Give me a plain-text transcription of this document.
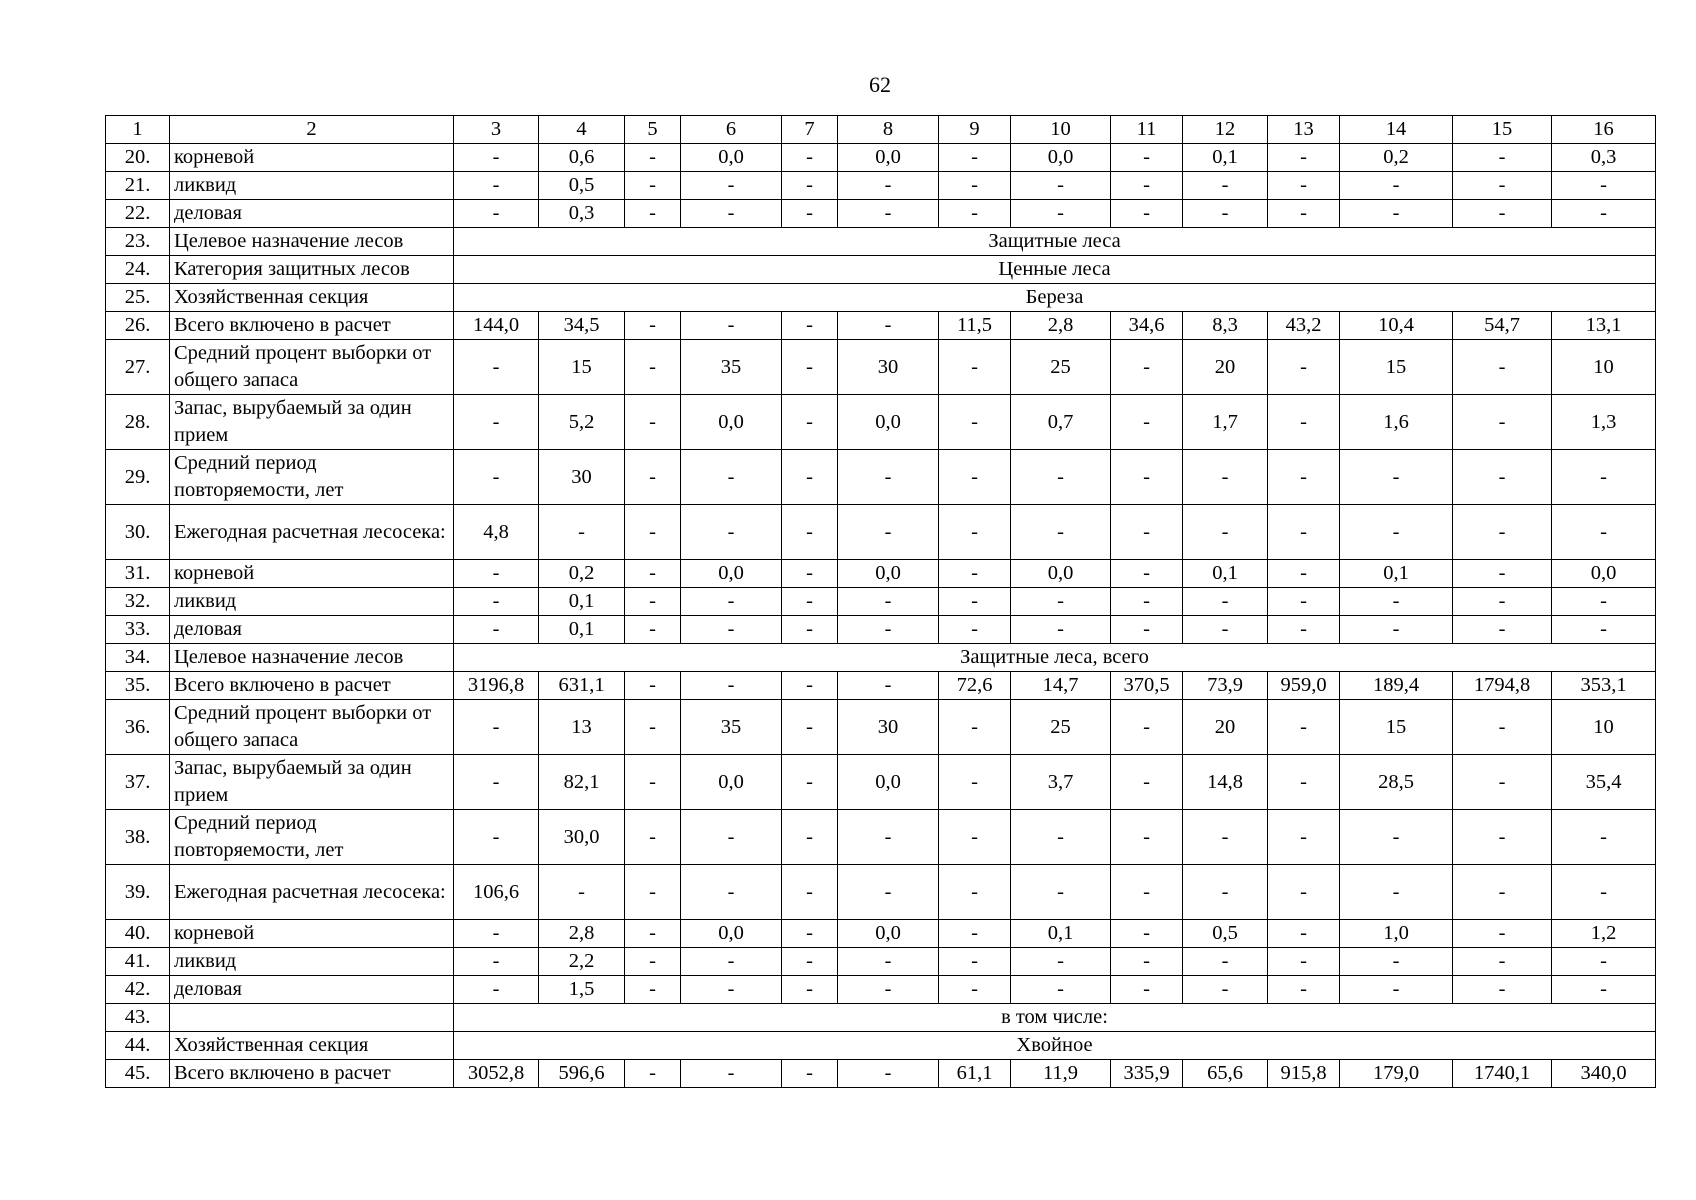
62
1	2	3	4	5	6	7	8	9	10	11	12	13	14	15	16
20.	корневой	-	0,6	-	0,0	-	0,0	-	0,0	-	0,1	-	0,2	-	0,3
21.	ликвид	-	0,5	-	-	-	-	-	-	-	-	-	-	-	-
22.	деловая	-	0,3	-	-	-	-	-	-	-	-	-	-	-	-
23.	Целевое назначение лесов	Защитные леса													
24.	Категория защитных лесов	Ценные леса													
25.	Хозяйственная секция	Береза													
26.	Всего включено в расчет	144,0	34,5	-	-	-	-	11,5	2,8	34,6	8,3	43,2	10,4	54,7	13,1
27.	Средний процент выборки от общего запаса	-	15	-	35	-	30	-	25	-	20	-	15	-	10
28.	Запас, вырубаемый за один прием	-	5,2	-	0,0	-	0,0	-	0,7	-	1,7	-	1,6	-	1,3
29.	Средний период повторяемости, лет	-	30	-	-	-	-	-	-	-	-	-	-	-	-
30.	Ежегодная расчетная лесосека:	4,8	-	-	-	-	-	-	-	-	-	-	-	-	-
31.	корневой	-	0,2	-	0,0	-	0,0	-	0,0	-	0,1	-	0,1	-	0,0
32.	ликвид	-	0,1	-	-	-	-	-	-	-	-	-	-	-	-
33.	деловая	-	0,1	-	-	-	-	-	-	-	-	-	-	-	-
34.	Целевое назначение лесов	Защитные леса, всего													
35.	Всего включено в расчет	3196,8	631,1	-	-	-	-	72,6	14,7	370,5	73,9	959,0	189,4	1794,8	353,1
36.	Средний процент выборки от общего запаса	-	13	-	35	-	30	-	25	-	20	-	15	-	10
37.	Запас, вырубаемый за один прием	-	82,1	-	0,0	-	0,0	-	3,7	-	14,8	-	28,5	-	35,4
38.	Средний период повторяемости, лет	-	30,0	-	-	-	-	-	-	-	-	-	-	-	-
39.	Ежегодная расчетная лесосека:	106,6	-	-	-	-	-	-	-	-	-	-	-	-	-
40.	корневой	-	2,8	-	0,0	-	0,0	-	0,1	-	0,5	-	1,0	-	1,2
41.	ликвид	-	2,2	-	-	-	-	-	-	-	-	-	-	-	-
42.	деловая	-	1,5	-	-	-	-	-	-	-	-	-	-	-	-
43.		в том числе:													
44.	Хозяйственная секция	Хвойное													
45.	Всего включено в расчет	3052,8	596,6	-	-	-	-	61,1	11,9	335,9	65,6	915,8	179,0	1740,1	340,0
